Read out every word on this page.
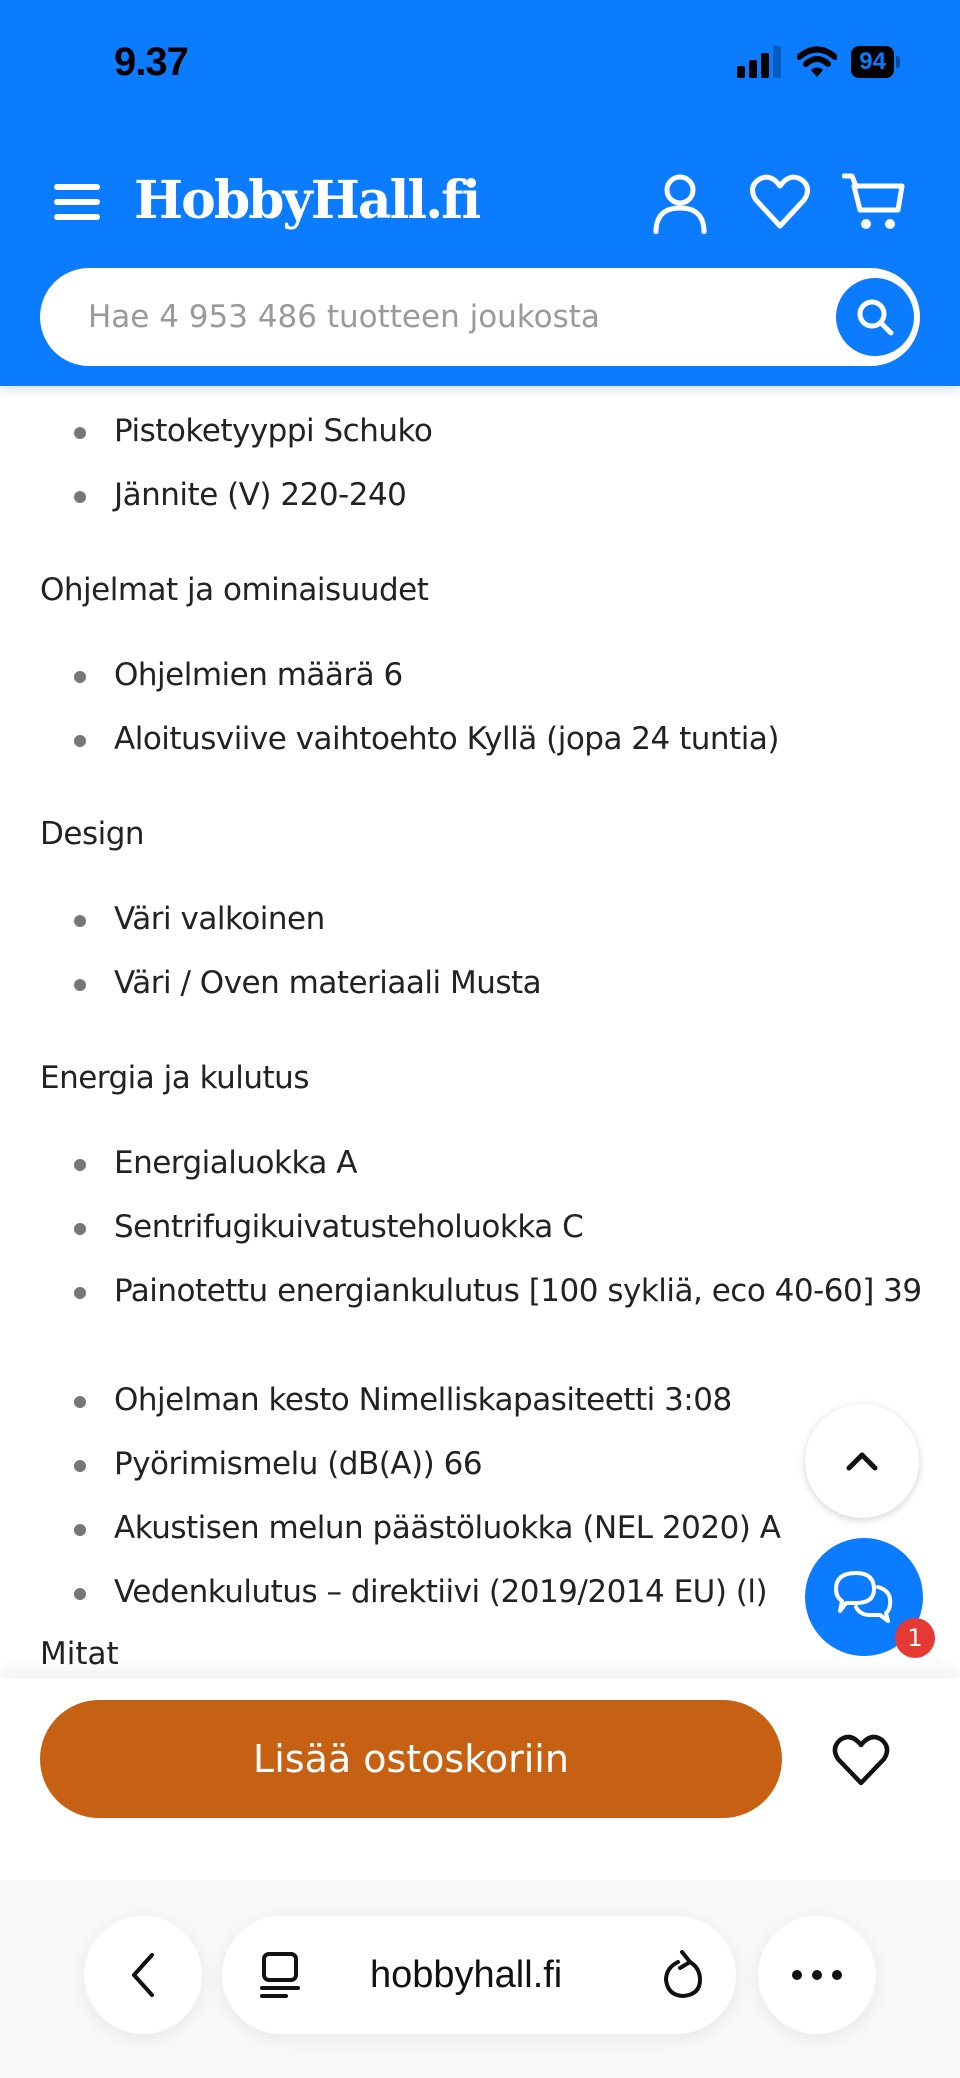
9.37	94
HobbyHall.fi
Hae 4 953 486 tuotteen joukosta
Pistoketyyppi Schuko
Jännite (V) 220-240
Ohjelmat ja ominaisuudet
Ohjelmien määrä 6
Aloitusviive vaihtoehto Kyllä (jopa 24 tuntia)
Design
Väri valkoinen
Väri / Oven materiaali Musta
Energia ja kulutus
Energialuokka A
Sentrifugikuivatusteholuokka C
Painotettu energiankulutus [100 sykliä, eco 40-60] 39
Ohjelman kesto Nimelliskapasiteetti 3:08
Pyörimismelu (dB(A)) 66
Akustisen melun päästöluokka (NEL 2020) A
Vedenkulutus – direktiivi (2019/2014 EU) (l)
Mitat	1
Lisää ostoskoriin
hobbyhall.fi
